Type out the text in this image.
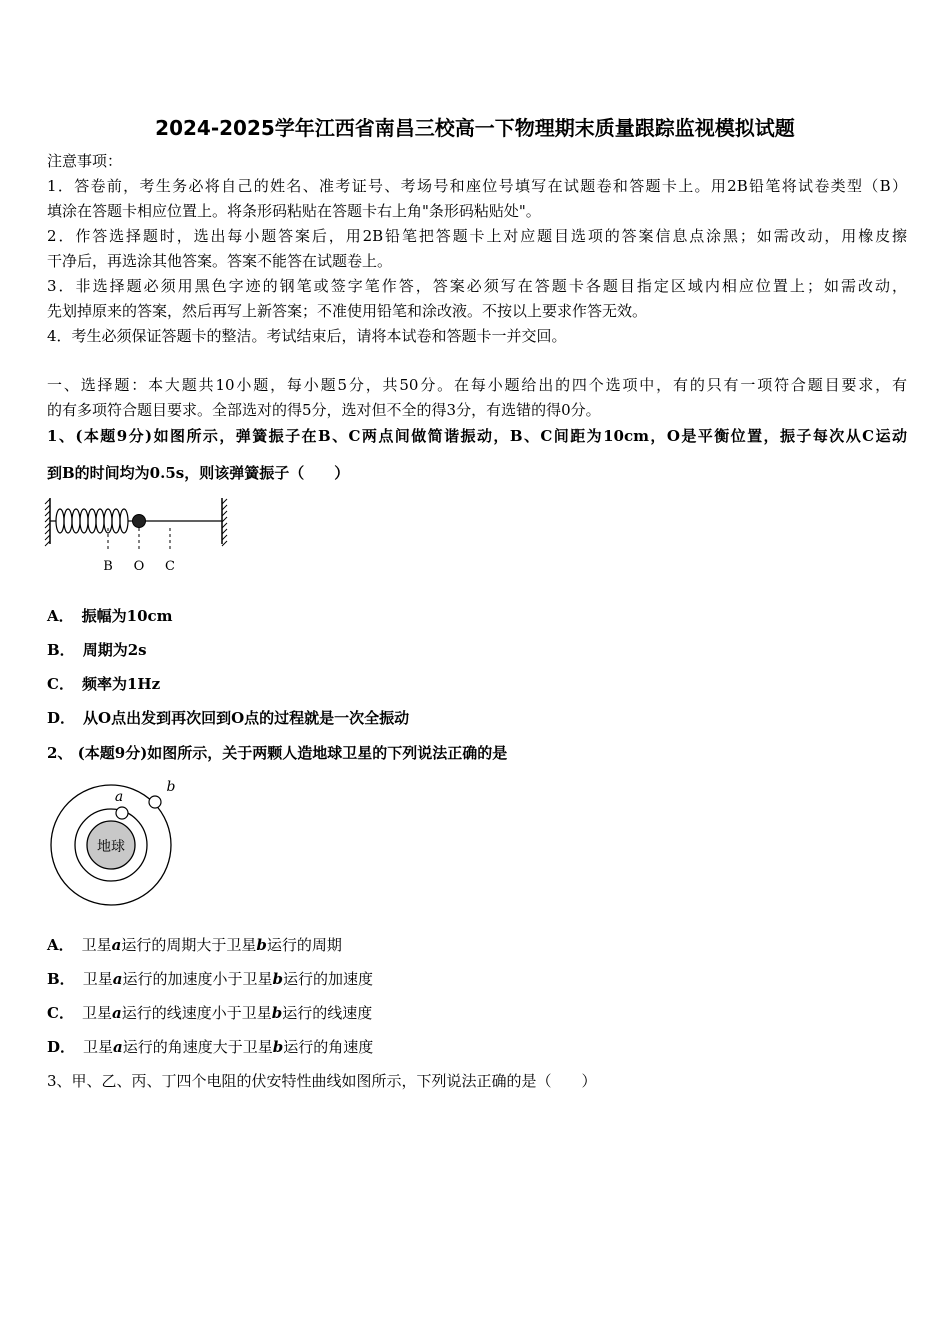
2024-2025学年江西省南昌三校高一下物理期末质量跟踪监视模拟试题
注意事项：
1．答卷前，考生务必将自己的姓名、准考证号、考场号和座位号填写在试题卷和答题卡上。用2B铅笔将试卷类型（B）
填涂在答题卡相应位置上。将条形码粘贴在答题卡右上角"条形码粘贴处"。
2．作答选择题时，选出每小题答案后，用2B铅笔把答题卡上对应题目选项的答案信息点涂黑；如需改动，用橡皮擦
干净后，再选涂其他答案。答案不能答在试题卷上。
3．非选择题必须用黑色字迹的钢笔或签字笔作答，答案必须写在答题卡各题目指定区域内相应位置上；如需改动，
先划掉原来的答案，然后再写上新答案；不准使用铅笔和涂改液。不按以上要求作答无效。
4．考生必须保证答题卡的整洁。考试结束后，请将本试卷和答题卡一并交回。
一、选择题：本大题共10小题，每小题5分，共50分。在每小题给出的四个选项中，有的只有一项符合题目要求，有
的有多项符合题目要求。全部选对的得5分，选对但不全的得3分，有选错的得0分。
1、(本题9分)如图所示，弹簧振子在B、C两点间做简谐振动，B、C间距为10cm，O是平衡位置，振子每次从C运动
到B的时间均为0.5s，则该弹簧振子（　　）
B O C
A． 振幅为10cm
B． 周期为2s
C． 频率为1Hz
D． 从O点出发到再次回到O点的过程就是一次全振动
2、 (本题9分)如图所示，关于两颗人造地球卫星的下列说法正确的是
地球
a
b
A． 卫星a运行的周期大于卫星b运行的周期
B． 卫星a运行的加速度小于卫星b运行的加速度
C． 卫星a运行的线速度小于卫星b运行的线速度
D． 卫星a运行的角速度大于卫星b运行的角速度
3、甲、乙、丙、丁四个电阻的伏安特性曲线如图所示，下列说法正确的是（　　）
